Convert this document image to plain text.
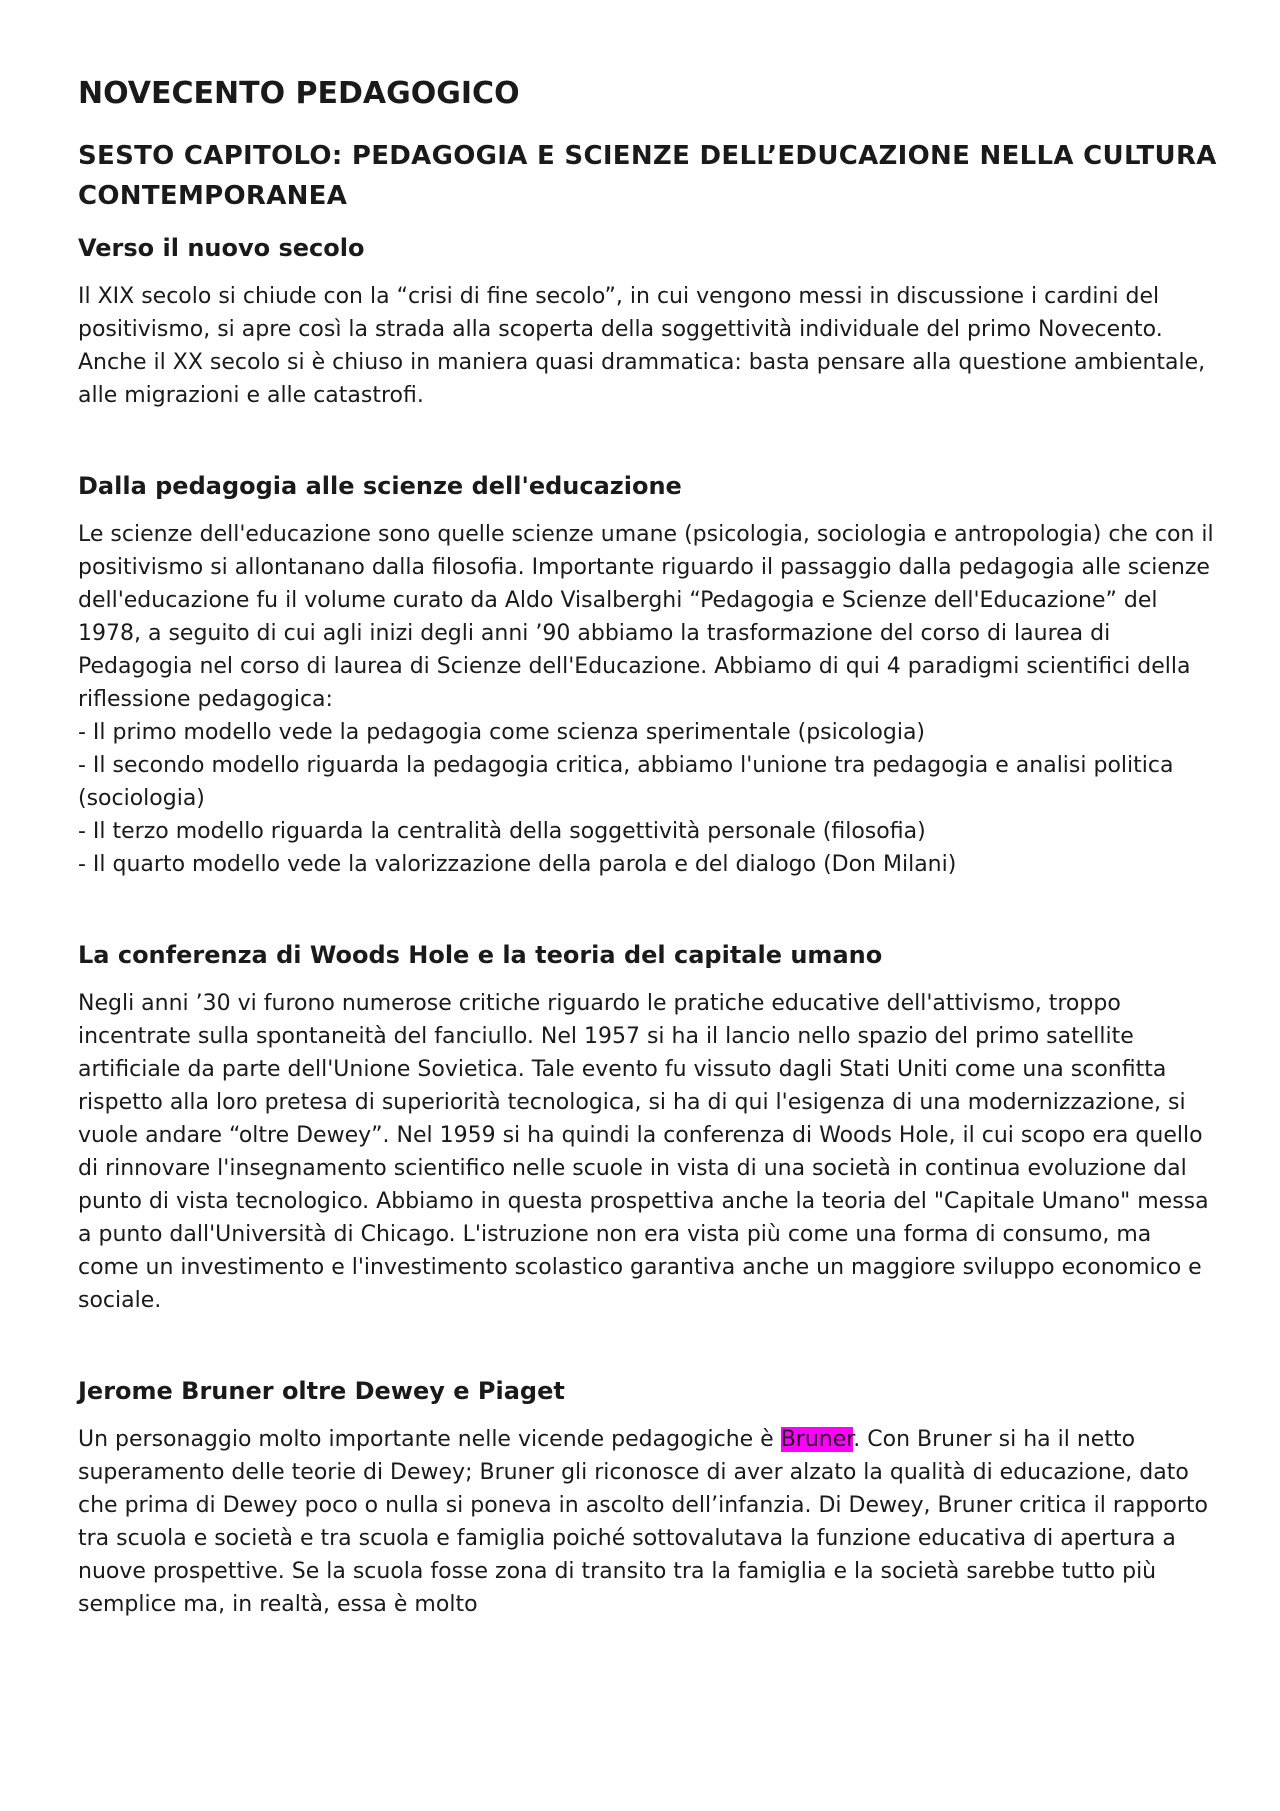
NOVECENTO PEDAGOGICO
SESTO CAPITOLO: PEDAGOGIA E SCIENZE DELL’EDUCAZIONE NELLA CULTURA CONTEMPORANEA
Verso il nuovo secolo

Il XIX secolo si chiude con la “crisi di fine secolo”, in cui vengono messi in discussione i cardini del positivismo, si apre così la strada alla scoperta della soggettività individuale del primo Novecento. Anche il XX secolo si è chiuso in maniera quasi drammatica: basta pensare alla questione ambientale, alle migrazioni e alle catastrofi.

Dalla pedagogia alle scienze dell'educazione

Le scienze dell'educazione sono quelle scienze umane (psicologia, sociologia e antropologia) che con il positivismo si allontanano dalla filosofia. Importante riguardo il passaggio dalla pedagogia alle scienze dell'educazione fu il volume curato da Aldo Visalberghi “Pedagogia e Scienze dell'Educazione” del 1978, a seguito di cui agli inizi degli anni ’90 abbiamo la trasformazione del corso di laurea di Pedagogia nel corso di laurea di Scienze dell'Educazione. Abbiamo di qui 4 paradigmi scientifici della riflessione pedagogica:

- Il primo modello vede la pedagogia come scienza sperimentale (psicologia)

- Il secondo modello riguarda la pedagogia critica, abbiamo l'unione tra pedagogia e analisi politica (sociologia)

- Il terzo modello riguarda la centralità della soggettività personale (filosofia)

- Il quarto modello vede la valorizzazione della parola e del dialogo (Don Milani)

La conferenza di Woods Hole e la teoria del capitale umano

Negli anni ’30 vi furono numerose critiche riguardo le pratiche educative dell'attivismo, troppo incentrate sulla spontaneità del fanciullo. Nel 1957 si ha il lancio nello spazio del primo satellite artificiale da parte dell'Unione Sovietica. Tale evento fu vissuto dagli Stati Uniti come una sconfitta rispetto alla loro pretesa di superiorità tecnologica, si ha di qui l'esigenza di una modernizzazione, si vuole andare “oltre Dewey”. Nel 1959 si ha quindi la conferenza di Woods Hole, il cui scopo era quello di rinnovare l'insegnamento scientifico nelle scuole in vista di una società in continua evoluzione dal punto di vista tecnologico. Abbiamo in questa prospettiva anche la teoria del "Capitale Umano" messa a punto dall'Università di Chicago. L'istruzione non era vista più come una forma di consumo, ma come un investimento e l'investimento scolastico garantiva anche un maggiore sviluppo economico e sociale.

Jerome Bruner oltre Dewey e Piaget

Un personaggio molto importante nelle vicende pedagogiche è Bruner. Con Bruner si ha il netto superamento delle teorie di Dewey; Bruner gli riconosce di aver alzato la qualità di educazione, dato che prima di Dewey poco o nulla si poneva in ascolto dell’infanzia. Di Dewey, Bruner critica il rapporto tra scuola e società e tra scuola e famiglia poiché sottovalutava la funzione educativa di apertura a nuove prospettive. Se la scuola fosse zona di transito tra la famiglia e la società sarebbe tutto più semplice ma, in realtà, essa è molto
